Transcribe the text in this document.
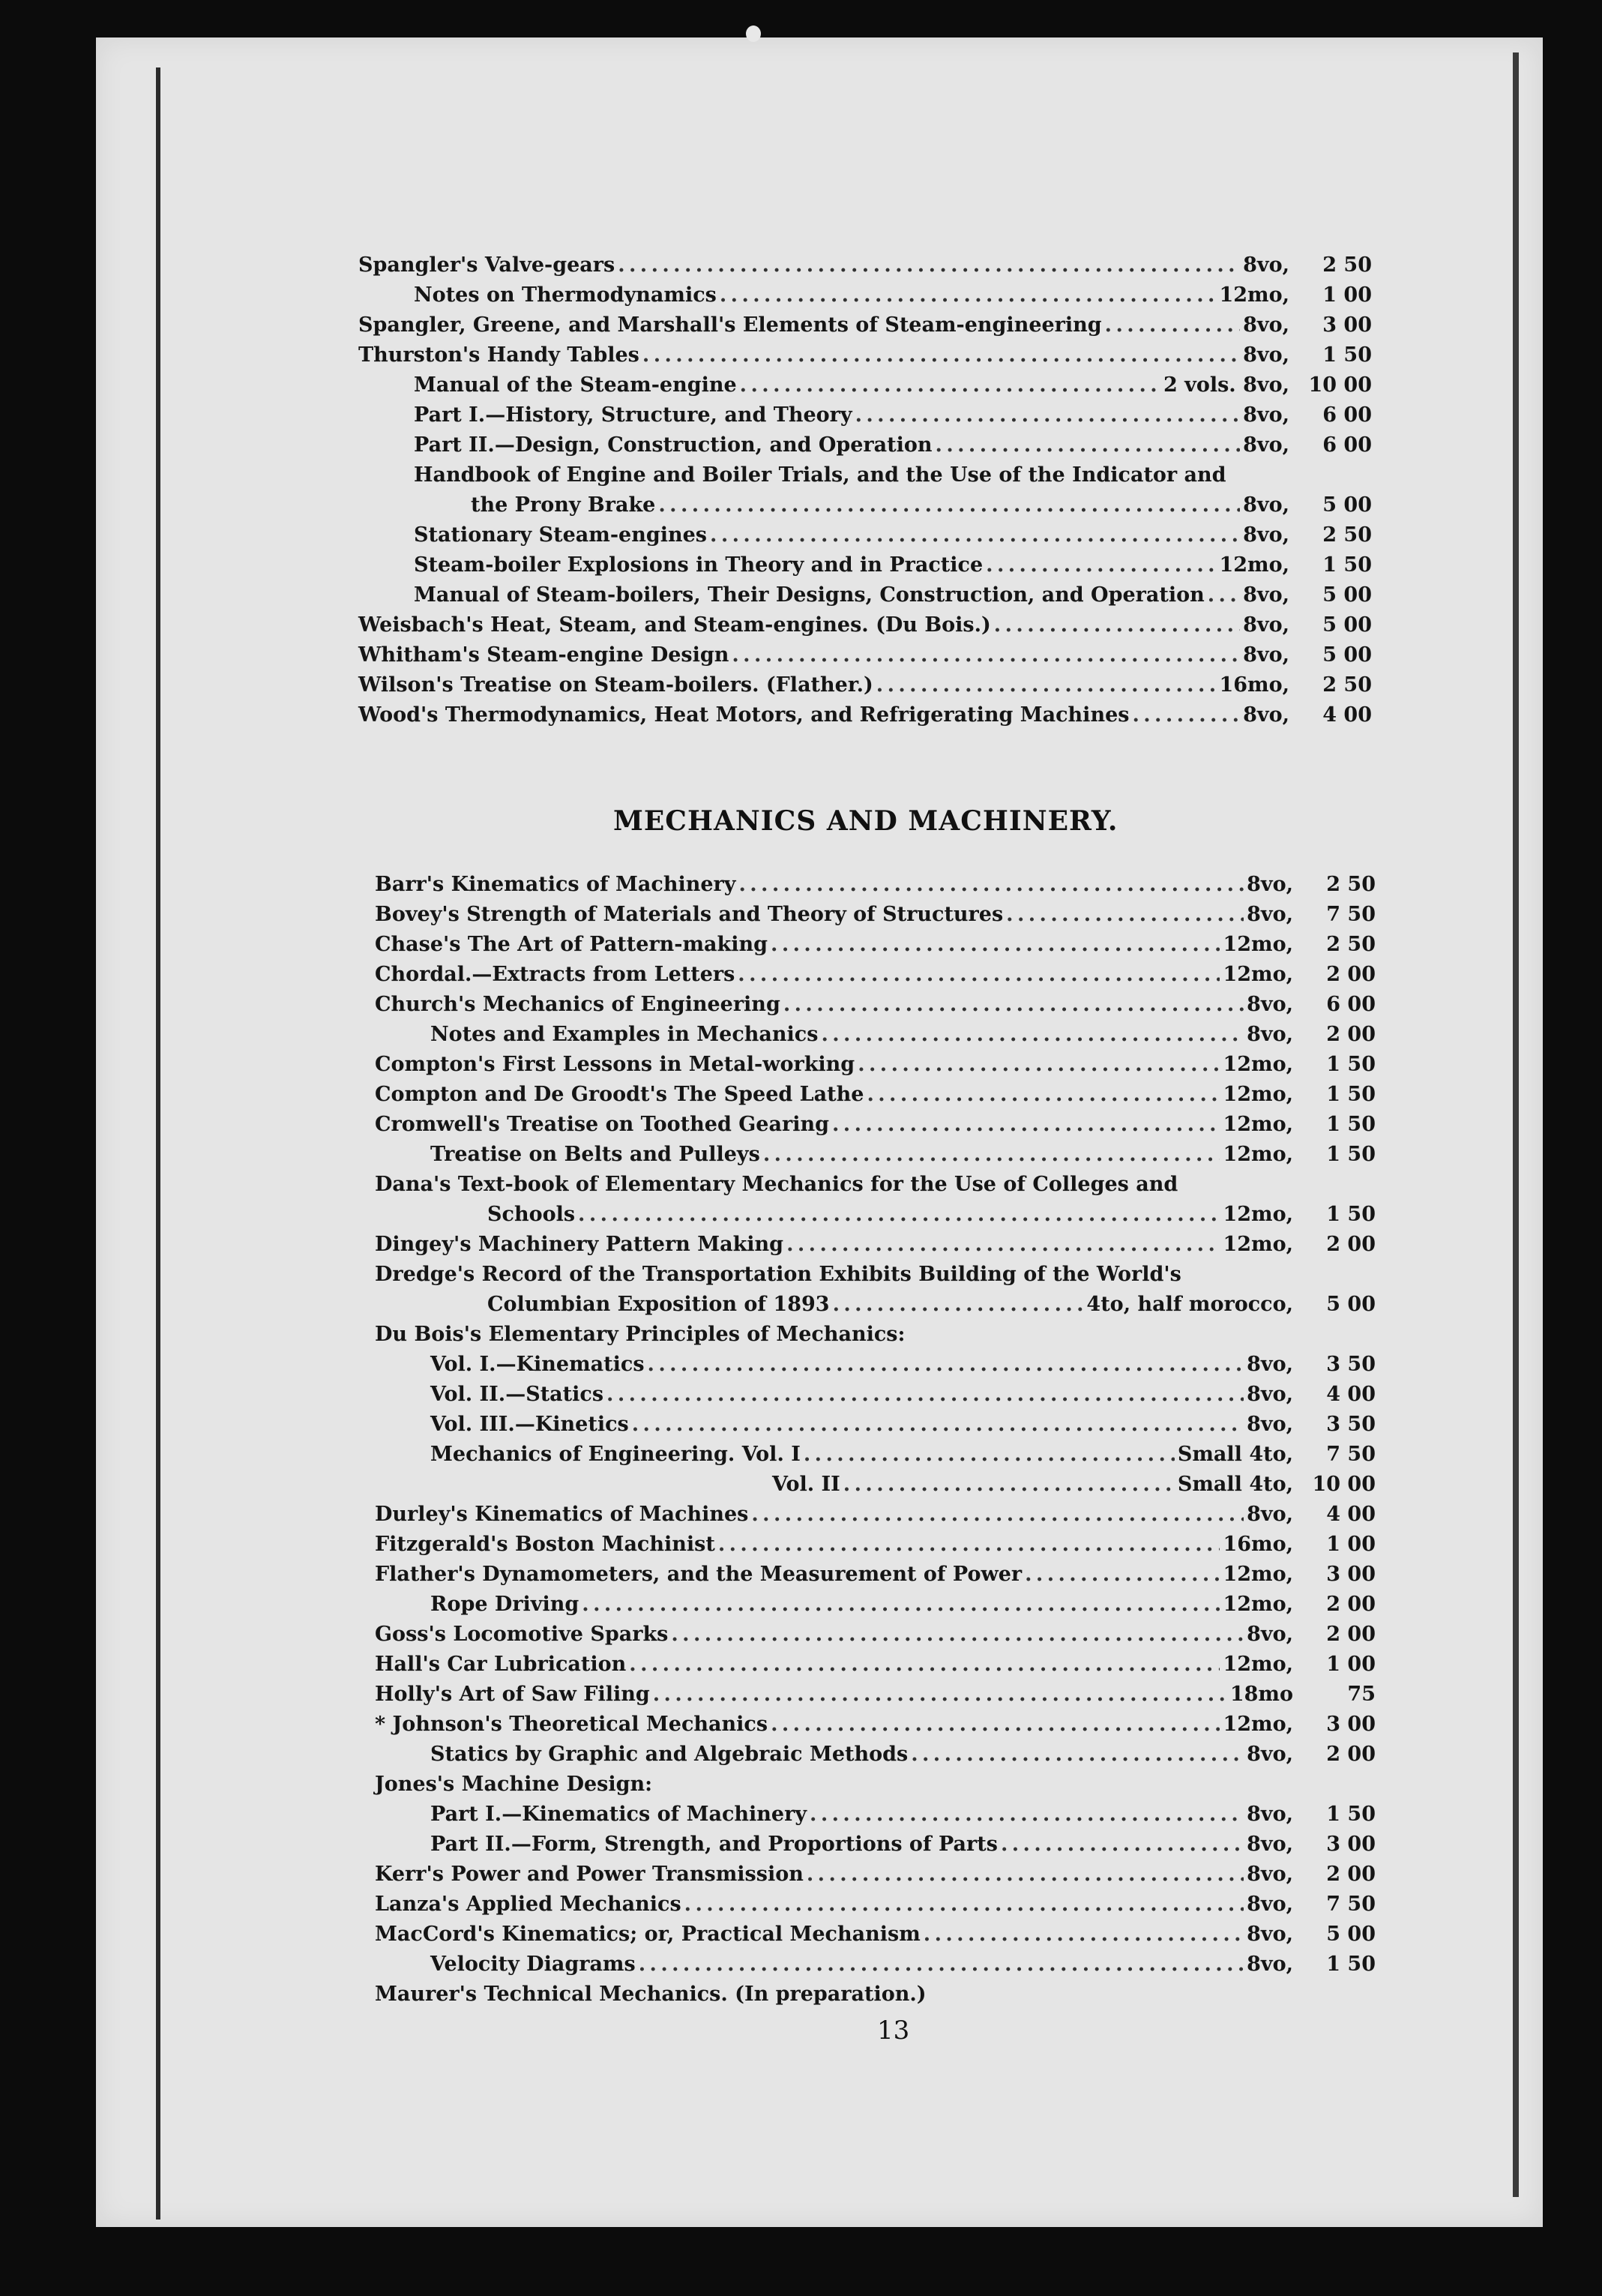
Spangler's Valve-gears . . .	8vo,	2 50
Notes on Thermodynamics . . .	12mo,	1 00
Spangler, Greene, and Marshall's Elements of Steam-engineering . . .	8vo,	3 00
Thurston's Handy Tables . . .	8vo,	1 50
Manual of the Steam-engine . . .	2 vols. 8vo, 10 00
Part I.—History, Structure, and Theory . . .	8vo,	6 00
Part II.—Design, Construction, and Operation . . .	8vo,	6 00
Handbook of Engine and Boiler Trials, and the Use of the Indicator and
the Prony Brake . . .	8vo,	5 00
Stationary Steam-engines . . .	8vo,	2 50
Steam-boiler Explosions in Theory and in Practice . . .	12mo,	1 50
Manual of Steam-boilers, Their Designs, Construction, and Operation . . . 8vo,	5 00
Weisbach's Heat, Steam, and Steam-engines. (Du Bois.) . . .	8vo,	5 00
Whitham's Steam-engine Design . . .	8vo,	5 00
Wilson's Treatise on Steam-boilers. (Flather.) . . .	16mo,	2 50
Wood's Thermodynamics, Heat Motors, and Refrigerating Machines . . .	8vo,	4 00
MECHANICS AND MACHINERY.
Barr's Kinematics of Machinery . . .	8vo,	2 50
Bovey's Strength of Materials and Theory of Structures . . .	8vo,	7 50
Chase's The Art of Pattern-making . . .	12mo,	2 50
Chordal.—Extracts from Letters . . .	12mo,	2 00
Church's Mechanics of Engineering . . .	8vo,	6 00
Notes and Examples in Mechanics . . .	8vo,	2 00
Compton's First Lessons in Metal-working . . .	12mo,	1 50
Compton and De Groodt's The Speed Lathe . . .	12mo,	1 50
Cromwell's Treatise on Toothed Gearing . . .	12mo,	1 50
Treatise on Belts and Pulleys . . .	12mo,	1 50
Dana's Text-book of Elementary Mechanics for the Use of Colleges and
Schools . . .	12mo,	1 50
Dingey's Machinery Pattern Making . . .	12mo,	2 00
Dredge's Record of the Transportation Exhibits Building of the World's
Columbian Exposition of 1893 . . .	4to, half morocco,	5 00
Du Bois's Elementary Principles of Mechanics:
Vol. I.—Kinematics . . .	8vo,	3 50
Vol. II.—Statics . . .	8vo,	4 00
Vol. III.—Kinetics . . .	8vo,	3 50
Mechanics of Engineering. Vol. I . . .	Small 4to,	7 50
Vol. II . . .	Small 4to, 10 00
Durley's Kinematics of Machines . . .	8vo,	4 00
Fitzgerald's Boston Machinist . . .	16mo,	1 00
Flather's Dynamometers, and the Measurement of Power . . .	12mo,	3 00
Rope Driving . . .	12mo,	2 00
Goss's Locomotive Sparks . . .	8vo,	2 00
Hall's Car Lubrication . . .	12mo,	1 00
Holly's Art of Saw Filing . . .	18mo	75
* Johnson's Theoretical Mechanics . . .	12mo,	3 00
Statics by Graphic and Algebraic Methods . . .	8vo,	2 00
Jones's Machine Design:
Part I.—Kinematics of Machinery . . .	8vo,	1 50
Part II.—Form, Strength, and Proportions of Parts . . .	8vo,	3 00
Kerr's Power and Power Transmission . . .	8vo,	2 00
Lanza's Applied Mechanics . . .	8vo,	7 50
MacCord's Kinematics; or, Practical Mechanism . . .	8vo,	5 00
Velocity Diagrams . . .	8vo,	1 50
Maurer's Technical Mechanics. (In preparation.)
13
